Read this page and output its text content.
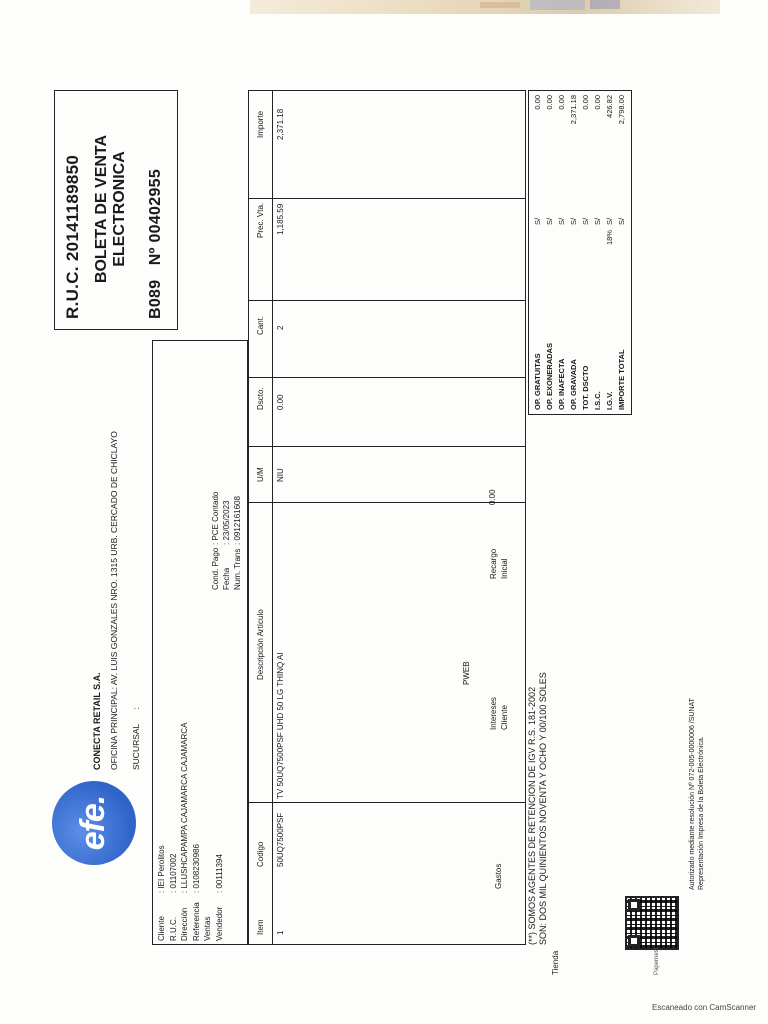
efe.
CONECTA RETAIL S.A. OFICINA PRINCIPAL: AV. LUIS GONZALES NRO. 1315 URB. CERCADO DE CHICLAYO SUCURSAL      :
R.U.C. 20141189850 BOLETA DE VENTA ELECTRONICA
B089   Nº 00402955
Cliente R.U.C. Dirección Referencia Ventas Vendedor
: IEI Perolitos : 01107002 : LLUSHCAPAMPA CAJAMARCA CAJAMARCA : 0108230986 : 00111394
Cond. Pago Fecha Num. Trans
: PCE Contado : 23/05/2023 : 0912161608
Item
Codigo
Descripción Artículo
U/M
Dscto.
Cant.
Prec. Vta.
Importe
1
50UQ7500PSF
TV 50UQ7500PSF UHD 50 LG THINQ AI
NIU
0.00
2
1,185.59
2,371.18
(**) SOMOS AGENTES DE RETENCION DE IGV R.S. 181-2002 SON: DOS MIL QUINIENTOS NOVENTA Y OCHO Y 00/100 SOLES
Tienda
Gastos
Intereses Cliente
PWEB
Recargo Inicial
0.00
OP. GRATUITAS OP. EXONERADAS OP. INAFECTA OP. GRAVADA TOT. DSCTO I.S.C. I.G.V. IMPORTE TOTAL
18%
S/ S/ S/ S/ S/ S/ S/ S/
0.00 0.00 0.00 2,371.18 0.00 0.00 426.82 2,798.00
Papernest
Autorizado mediante resolución Nº 072-005-0000006 /SUNAT Representación Impresa de la Boleta Electrónica.
Escaneado con CamScanner
